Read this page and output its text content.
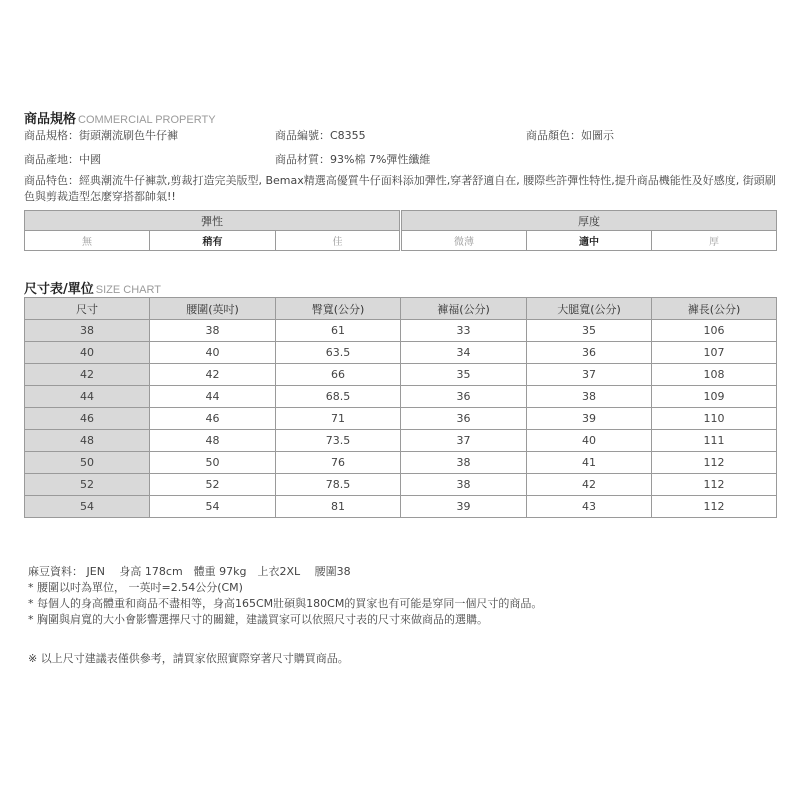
商品規格 COMMERCIAL PROPERTY
商品規格：街頭潮流刷色牛仔褲	商品編號：C8355	商品顏色：如圖示
商品產地：中國	商品材質：93%棉 7%彈性纖維
商品特色：經典潮流牛仔褲款,剪裁打造完美版型, Bemax精選高優質牛仔面料添加彈性,穿著舒適自在, 腰際些許彈性特性,提升商品機能性及好感度, 街頭刷色與剪裁造型怎麼穿搭都帥氣!!
彈性				厚度		
無	稍有	佳		微薄	適中	厚
尺寸表/單位 SIZE CHART
尺寸	腰圍(英吋)	臀寬(公分)	褲福(公分)	大腿寬(公分)	褲長(公分)
38	38	61	33	35	106
40	40	63.5	34	36	107
42	42	66	35	37	108
44	44	68.5	36	38	109
46	46	71	36	39	110
48	48	73.5	37	40	111
50	50	76	38	41	112
52	52	78.5	38	42	112
54	54	81	39	43	112
麻豆資料： JEN　 身高 178cm　體重 97kg　上衣2XL　 腰圍38
* 腰圍以吋為單位， 一英吋=2.54公分(CM)
* 每個人的身高體重和商品不盡相等，身高165CM壯碩與180CM的買家也有可能是穿同一個尺寸的商品。
* 胸圍與肩寬的大小會影響選擇尺寸的關鍵，建議買家可以依照尺寸表的尺寸來做商品的選購。
※ 以上尺寸建議表僅供參考，請買家依照實際穿著尺寸購買商品。
